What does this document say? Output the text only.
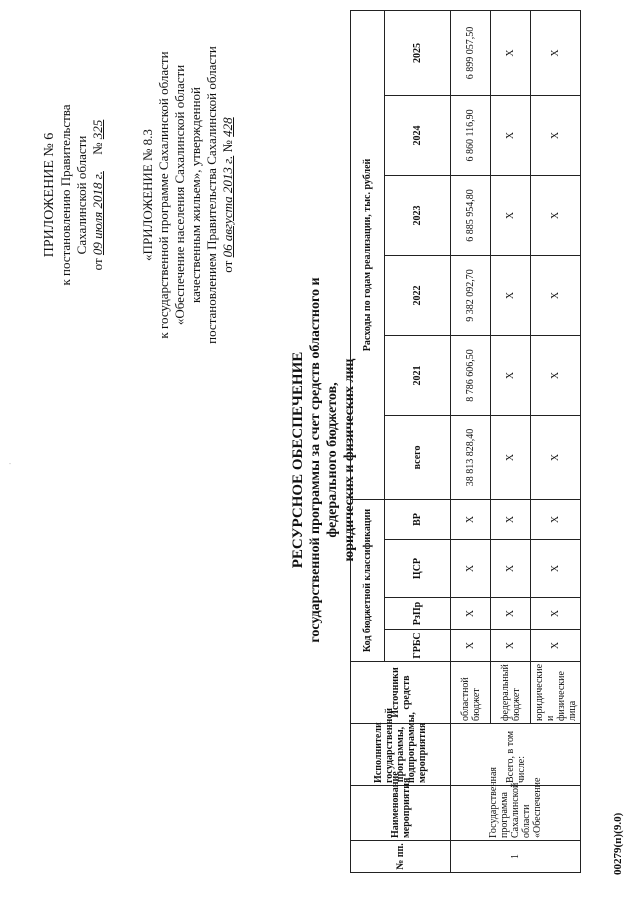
·
ПРИЛОЖЕНИЕ № 6 к постановлению Правительства Сахалинской области
от 09 июля 2018 г.     № 325	«ПРИЛОЖЕНИЕ № 8.3 к государственной программе Сахалинской области «Обеспечение населения Сахалинской области качественным жильем», утвержденной постановлением Правительства Сахалинской области от 06 августа 2013 г. № 428
РЕСУРСНОЕ ОБЕСПЕЧЕНИЕ государственной программы за счет средств областного и федерального бюджетов, юридических и физических лиц
№ пп.	Наименование мероприятия	Исполнители государственной программы, подпрограммы, мероприятия	Источники средств	Код бюджетной классификации				Расходы по годам реализации, тыс. рублей					
				ГРБС	РзПр	ЦСР	ВР	всего	2021	2022	2023	2024	2025
1	Государственная программа Сахалинской области «Обеспечение	Всего, в том числе:	областной бюджет	Х	Х	Х	Х	38 813 828,40	8 786 606,50	9 382 092,70	6 885 954,80	6 860 116,90	6 899 057,50
			федеральный бюджет	Х	Х	Х	Х	Х	Х	Х	Х	Х	Х
			юридические и физические лица	Х	Х	Х	Х	Х	Х	Х	Х	Х	Х
00279(п)(9.0)
